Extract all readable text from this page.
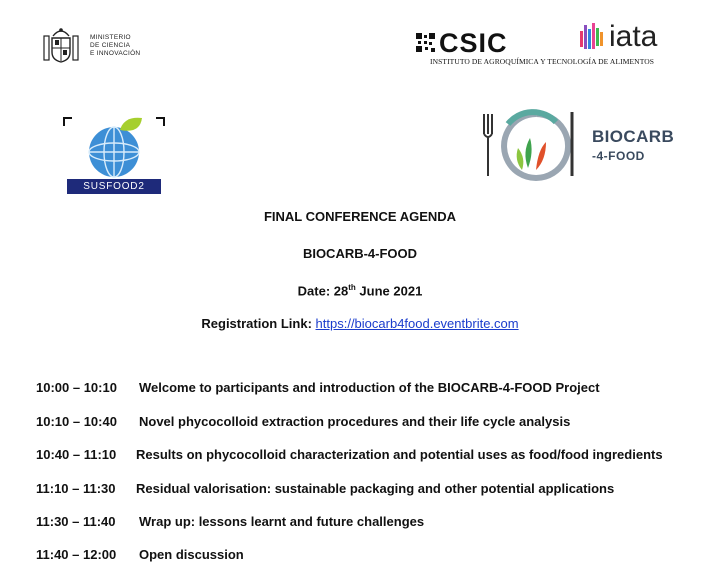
MINISTERIO
DE CIENCIA
E INNOVACIÓN	CSIC	iata
INSTITUTO DE AGROQUÍMICA Y TECNOLOGÍA DE ALIMENTOS
SUSFOOD2
BIOCARB
-4-FOOD
FINAL CONFERENCE AGENDA
BIOCARB-4-FOOD
Date: 28th June 2021
Registration Link: https://biocarb4food.eventbrite.com
10:00 – 10:10 Welcome to participants and introduction of the BIOCARB-4-FOOD Project
10:10 – 10:40 Novel phycocolloid extraction procedures and their life cycle analysis
10:40 – 11:10 Results on phycocolloid characterization and potential uses as food/food ingredients
11:10 – 11:30 Residual valorisation: sustainable packaging and other potential applications
11:30 – 11:40 Wrap up: lessons learnt and future challenges
11:40 – 12:00 Open discussion
